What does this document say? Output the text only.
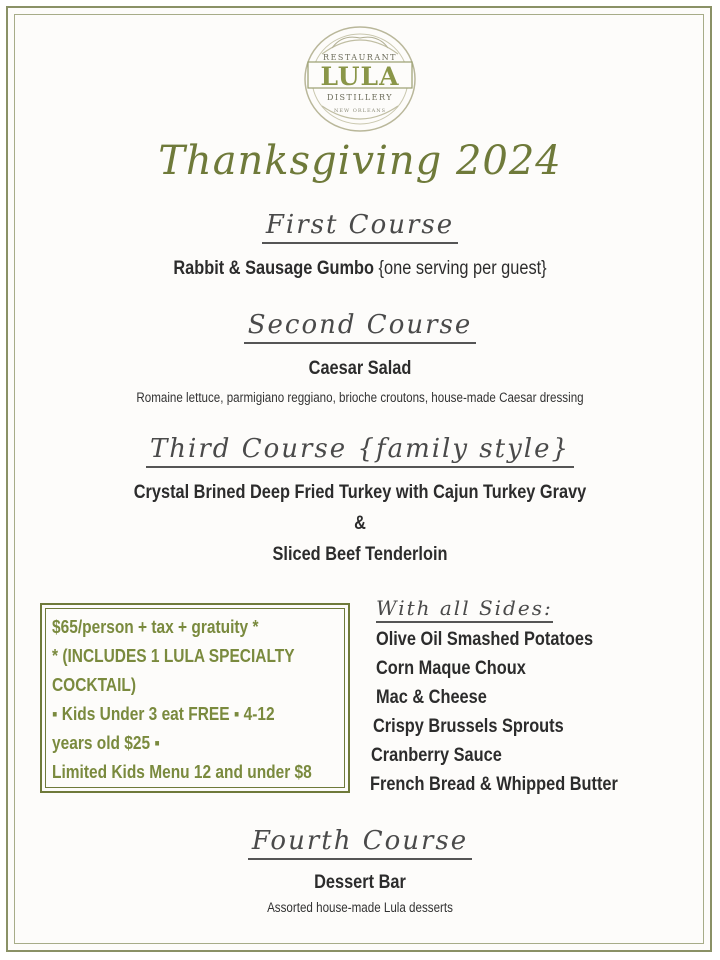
RESTAURANT
LULA
DISTILLERY
NEW ORLEANS
Thanksgiving 2024
First Course
Rabbit & Sausage Gumbo {one serving per guest}
Second Course
Caesar Salad
Romaine lettuce, parmigiano reggiano, brioche croutons, house-made Caesar dressing
Third Course {family style}
Crystal Brined Deep Fried Turkey with Cajun Turkey Gravy
&
Sliced Beef Tenderloin
$65/person + tax + gratuity *
* (INCLUDES 1 LULA SPECIALTY
COCKTAIL)
▪ Kids Under 3 eat FREE ▪ 4-12
years old $25 ▪
Limited Kids Menu 12 and under $8
With all Sides:
Olive Oil Smashed Potatoes
Corn Maque Choux
Mac & Cheese
Crispy Brussels Sprouts
Cranberry Sauce
French Bread & Whipped Butter
Fourth Course
Dessert Bar
Assorted house-made Lula desserts
